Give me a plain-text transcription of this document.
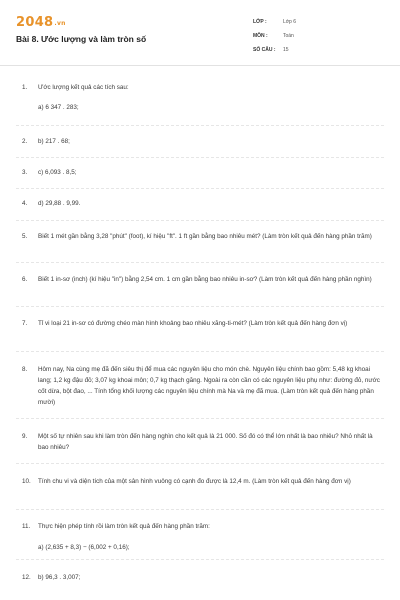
2048.vn
Bài 8. Ước lượng và làm tròn số
LỚP :	Lớp 6
MÔN :	Toán
SỐ CÂU :	15
1.	Ước lượng kết quả các tích sau:
a) 6 347 . 283;
2.	b) 217 . 68;
3.	c) 6,093 . 8,5;
4.	d) 29,88 . 9,99.
5.	Biết 1 mét gần bằng 3,28 "phút" (foot), kí hiệu "ft". 1 ft gần bằng bao nhiêu mét? (Làm tròn kết quả đến hàng phần trăm)
6.	Biết 1 in-sơ (inch) (kí hiệu "in") bằng 2,54 cm. 1 cm gần bằng bao nhiêu in-sơ? (Làm tròn kết quả đến hàng phần nghìn)
7.	Tỉ vi loại 21 in-sơ có đường chéo màn hình khoảng bao nhiêu xăng-ti-mét? (Làm tròn kết quả đến hàng đơn vị)
8.	Hôm nay, Na cùng mẹ đã đến siêu thị để mua các nguyên liệu cho món chè. Nguyên liệu chính bao gồm: 5,48 kg khoai lang; 1,2 kg đậu đỏ; 3,07 kg khoai môn; 0,7 kg thạch găng. Ngoài ra còn cần có các nguyên liệu phụ như: đường đỏ, nước cốt dừa, bột đao, ... Tính tổng khối lượng các nguyên liệu chính mà Na và mẹ đã mua. (Làm tròn kết quả đến hàng phần mười)
9.	Một số tự nhiên sau khi làm tròn đến hàng nghìn cho kết quả là 21 000. Số đó có thể lớn nhất là bao nhiêu? Nhỏ nhất là bao nhiêu?
10.	Tính chu vi và diện tích của một sân hình vuông có cạnh đo được là 12,4 m. (Làm tròn kết quả đến hàng đơn vị)
11.	Thực hiện phép tính rồi làm tròn kết quả đến hàng phần trăm:
a) (2,635 + 8,3) − (6,002 + 0,16);
12.	b) 96,3 . 3,007;
